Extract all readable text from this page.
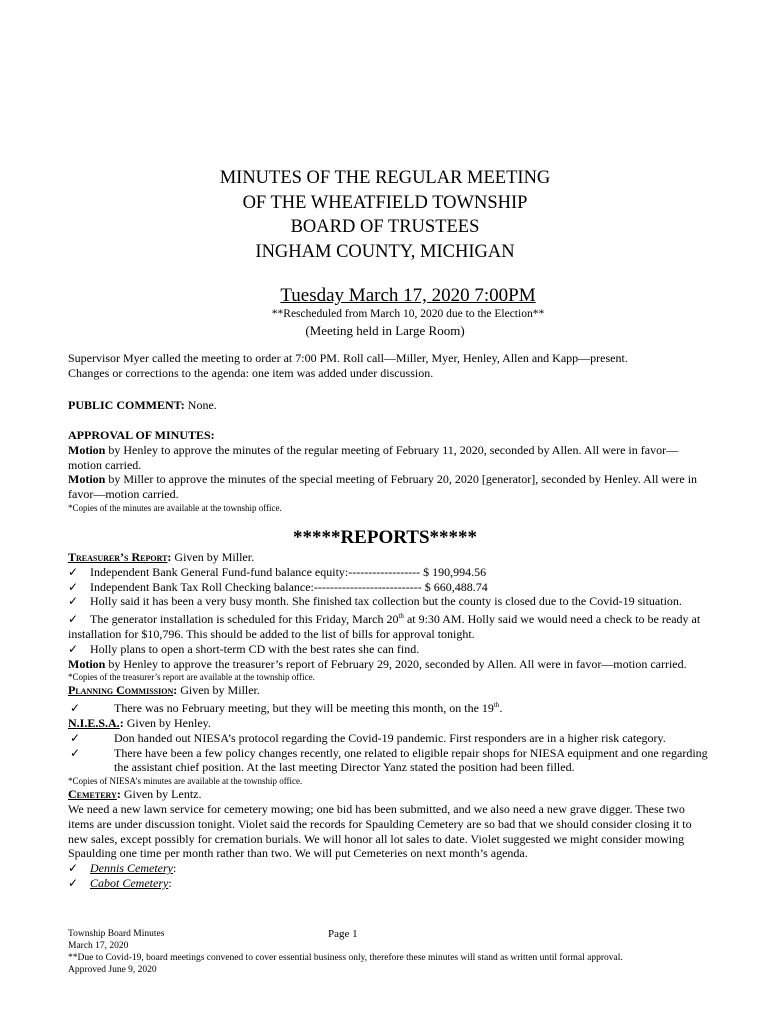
MINUTES OF THE REGULAR MEETING
OF THE WHEATFIELD TOWNSHIP
BOARD OF TRUSTEES
INGHAM COUNTY, MICHIGAN
Tuesday March 17, 2020 7:00PM
**Rescheduled from March 10, 2020 due to the Election**
(Meeting held in Large Room)
Supervisor Myer called the meeting to order at 7:00 PM. Roll call—Miller, Myer, Henley, Allen and Kapp—present.
Changes or corrections to the agenda: one item was added under discussion.
PUBLIC COMMENT: None.
APPROVAL OF MINUTES:
Motion by Henley to approve the minutes of the regular meeting of February 11, 2020, seconded by Allen. All were in favor—motion carried.
Motion by Miller to approve the minutes of the special meeting of February 20, 2020 [generator], seconded by Henley. All were in favor—motion carried.
*Copies of the minutes are available at the township office.
*****REPORTS*****
Treasurer’s Report: Given by Miller.
✓ Independent Bank General Fund-fund balance equity:------------------ $ 190,994.56
✓ Independent Bank Tax Roll Checking balance:--------------------------- $ 660,488.74
✓ Holly said it has been a very busy month. She finished tax collection but the county is closed due to the Covid-19 situation.
✓ The generator installation is scheduled for this Friday, March 20th at 9:30 AM. Holly said we would need a check to be ready at installation for $10,796. This should be added to the list of bills for approval tonight.
✓ Holly plans to open a short-term CD with the best rates she can find.
Motion by Henley to approve the treasurer’s report of February 29, 2020, seconded by Allen. All were in favor—motion carried.
*Copies of the treasurer’s report are available at the township office.
Planning Commission: Given by Miller.
✓	There was no February meeting, but they will be meeting this month, on the 19th.
N.I.E.S.A.: Given by Henley.
✓	Don handed out NIESA’s protocol regarding the Covid-19 pandemic. First responders are in a higher risk category.
✓	There have been a few policy changes recently, one related to eligible repair shops for NIESA equipment and one regarding the assistant chief position. At the last meeting Director Yanz stated the position had been filled.
*Copies of NIESA’s minutes are available at the township office.
Cemetery: Given by Lentz.
We need a new lawn service for cemetery mowing; one bid has been submitted, and we also need a new grave digger. These two items are under discussion tonight. Violet said the records for Spaulding Cemetery are so bad that we should consider closing it to new sales, except possibly for cremation burials. We will honor all lot sales to date. Violet suggested we might consider mowing Spaulding one time per month rather than two. We will put Cemeteries on next month’s agenda.
✓ Dennis Cemetery:
✓ Cabot Cemetery:
Township Board Minutes	Page 1
March 17, 2020
**Due to Covid-19, board meetings convened to cover essential business only, therefore these minutes will stand as written until formal approval.
Approved June 9, 2020
